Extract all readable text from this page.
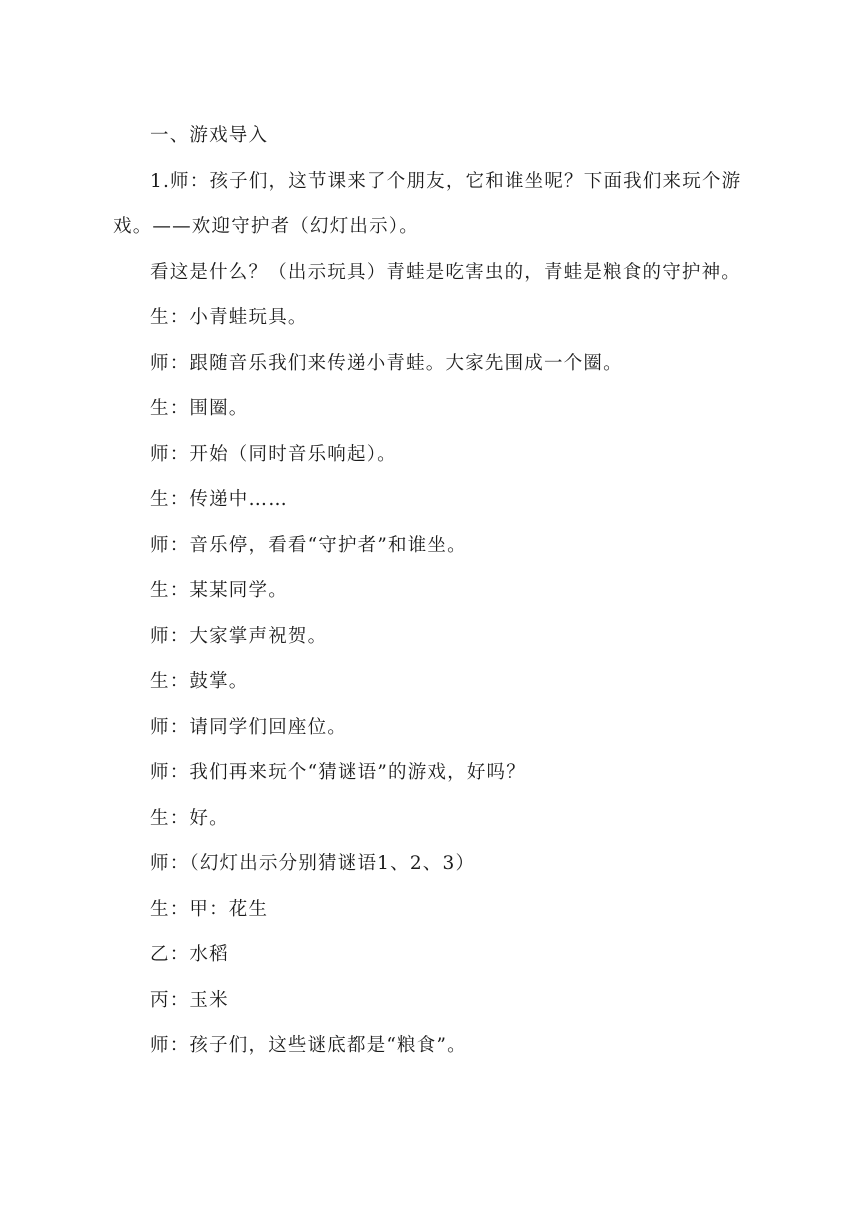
一、游戏导入

1.师：孩子们，这节课来了个朋友，它和谁坐呢？下面我们来玩个游戏。——欢迎守护者（幻灯出示）。

看这是什么？（出示玩具）青蛙是吃害虫的，青蛙是粮食的守护神。

生：小青蛙玩具。

师：跟随音乐我们来传递小青蛙。大家先围成一个圈。

生：围圈。

师：开始（同时音乐响起）。

生：传递中……

师：音乐停，看看“守护者”和谁坐。

生：某某同学。

师：大家掌声祝贺。

生：鼓掌。

师：请同学们回座位。

师：我们再来玩个“猜谜语”的游戏，好吗？

生：好。

师：（幻灯出示分别猜谜语1、2、3）

生：甲：花生

乙：水稻

丙：玉米

师：孩子们，这些谜底都是“粮食”。
